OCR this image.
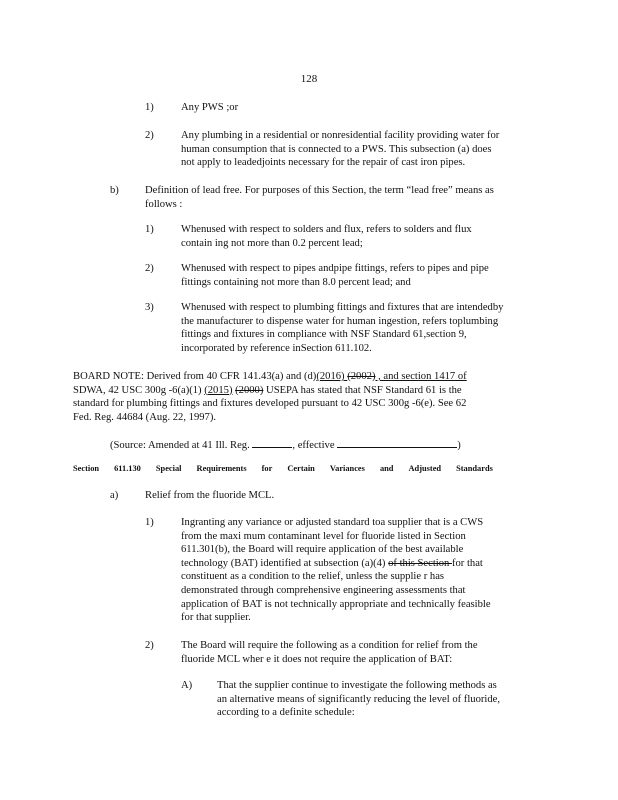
128
1)	Any PWS ;or
2)	Any plumbing in a residential or nonresidential facility providing water for
human consumption that is connected to a PWS. This subsection (a) does
not apply to leadedjoints necessary for the repair of cast iron pipes.
b)	Definition of lead free. For purposes of this Section, the term “lead free” means as
follows :
1)	Whenused with respect to solders and flux, refers to solders and flux
contain ing not more than 0.2 percent lead;
2)	Whenused with respect to pipes andpipe fittings, refers to pipes and pipe
fittings containing not more than 8.0 percent lead; and
3)	Whenused with respect to plumbing fittings and fixtures that are intendedby
the manufacturer to dispense water for human ingestion, refers toplumbing
fittings and fixtures in compliance with NSF Standard 61,section 9,
incorporated by reference inSection 611.102.
BOARD NOTE: Derived from 40 CFR 141.43(a) and (d)(2016) (2002) , and section 1417 of
SDWA, 42 USC 300g -6(a)(1) (2015) (2000) USEPA has stated that NSF Standard 61 is the
standard for plumbing fittings and fixtures developed pursuant to 42 USC 300g -6(e). See 62
Fed. Reg. 44684 (Aug. 22, 1997).
(Source: Amended at 41 Ill. Reg.	, effective	)
Section 611.130 Special Requirements for Certain Variances and Adjusted Standards
a)	Relief from the fluoride MCL.
1)	Ingranting any variance or adjusted standard toa supplier that is a CWS
from the maxi mum contaminant level for fluoride listed in Section
611.301(b), the Board will require application of the best available
technology (BAT) identified at subsection (a)(4) of this Section for that
constituent as a condition to the relief, unless the supplie r has
demonstrated through comprehensive engineering assessments that
application of BAT is not technically appropriate and technically feasible
for that supplier.
2)	The Board will require the following as a condition for relief from the
fluoride MCL wher e it does not require the application of BAT:
A)	That the supplier continue to investigate the following methods as
an alternative means of significantly reducing the level of fluoride,
according to a definite schedule:
